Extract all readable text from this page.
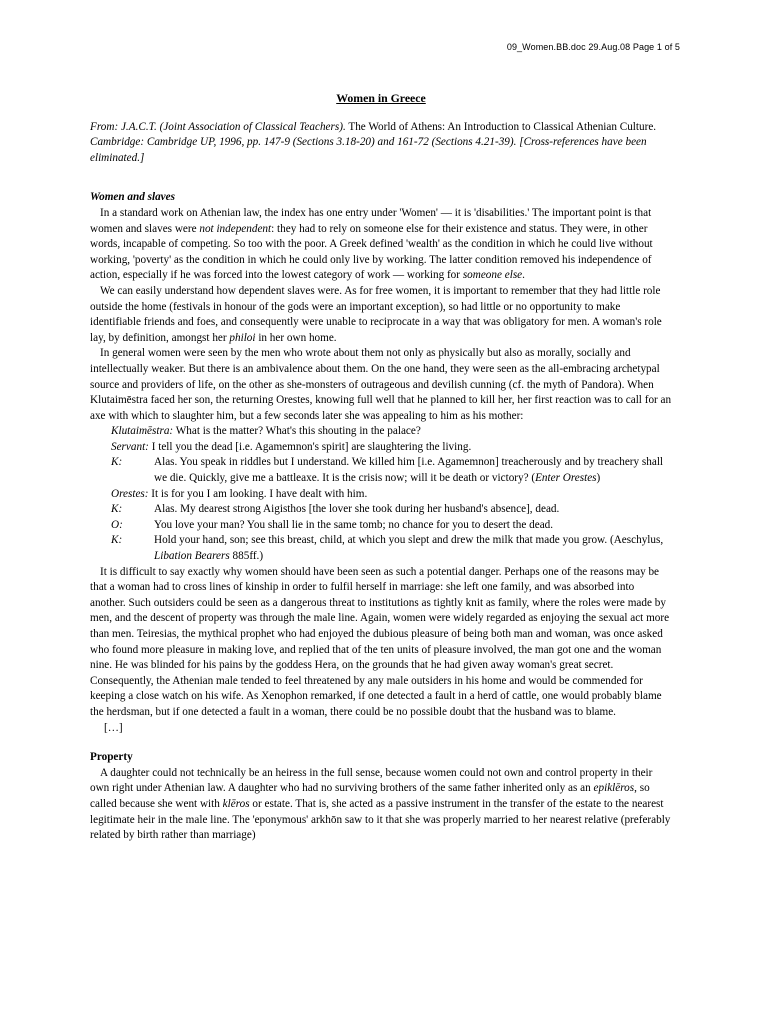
09_Women.BB.doc 29.Aug.08 Page 1 of 5
Women in Greece
From: J.A.C.T. (Joint Association of Classical Teachers). The World of Athens: An Introduction to Classical Athenian Culture. Cambridge: Cambridge UP, 1996, pp. 147-9 (Sections 3.18-20) and 161-72 (Sections 4.21-39). [Cross-references have been eliminated.]
Women and slaves

In a standard work on Athenian law, the index has one entry under 'Women' — it is 'disabilities.' The important point is that women and slaves were not independent: they had to rely on someone else for their existence and status. They were, in other words, incapable of competing. So too with the poor. A Greek defined 'wealth' as the condition in which he could live without working, 'poverty' as the condition in which he could only live by working. The latter condition removed his independence of action, especially if he was forced into the lowest category of work — working for someone else.

We can easily understand how dependent slaves were. As for free women, it is important to remember that they had little role outside the home (festivals in honour of the gods were an important exception), so had little or no opportunity to make identifiable friends and foes, and consequently were unable to reciprocate in a way that was obligatory for men. A woman's role lay, by definition, amongst her philoi in her own home.

In general women were seen by the men who wrote about them not only as physically but also as morally, socially and intellectually weaker. But there is an ambivalence about them. On the one hand, they were seen as the all-embracing archetypal source and providers of life, on the other as she-monsters of outrageous and devilish cunning (cf. the myth of Pandora). When Klutaimēstra faced her son, the returning Orestes, knowing full well that he planned to kill her, her first reaction was to call for an axe with which to slaughter him, but a few seconds later she was appealing to him as his mother:

Klutaimēstra: What is the matter? What's this shouting in the palace?
Servant: I tell you the dead [i.e. Agamemnon's spirit] are slaughtering the living.
K:	Alas. You speak in riddles but I understand. We killed him [i.e. Agamemnon] treacherously and by treachery shall we die. Quickly, give me a battleaxe. It is the crisis now; will it be death or victory? (Enter Orestes)
Orestes: It is for you I am looking. I have dealt with him.
K:	Alas. My dearest strong Aigisthos [the lover she took during her husband's absence], dead.
O:	You love your man? You shall lie in the same tomb; no chance for you to desert the dead.
K:	Hold your hand, son; see this breast, child, at which you slept and drew the milk that made you grow. (Aeschylus, Libation Bearers 885ff.)

It is difficult to say exactly why women should have been seen as such a potential danger. Perhaps one of the reasons may be that a woman had to cross lines of kinship in order to fulfil herself in marriage: she left one family, and was absorbed into another. Such outsiders could be seen as a dangerous threat to institutions as tightly knit as family, where the roles were made by men, and the descent of property was through the male line. Again, women were widely regarded as enjoying the sexual act more than men. Teiresias, the mythical prophet who had enjoyed the dubious pleasure of being both man and woman, was once asked who found more pleasure in making love, and replied that of the ten units of pleasure involved, the man got one and the woman nine. He was blinded for his pains by the goddess Hera, on the grounds that he had given away woman's great secret. Consequently, the Athenian male tended to feel threatened by any male outsiders in his home and would be commended for keeping a close watch on his wife. As Xenophon remarked, if one detected a fault in a herd of cattle, one would probably blame the herdsman, but if one detected a fault in a woman, there could be no possible doubt that the husband was to blame.

[…]
Property

A daughter could not technically be an heiress in the full sense, because women could not own and control property in their own right under Athenian law. A daughter who had no surviving brothers of the same father inherited only as an epiklēros, so called because she went with klēros or estate. That is, she acted as a passive instrument in the transfer of the estate to the nearest legitimate heir in the male line. The 'eponymous' arkhōn saw to it that she was properly married to her nearest relative (preferably related by birth rather than marriage)
